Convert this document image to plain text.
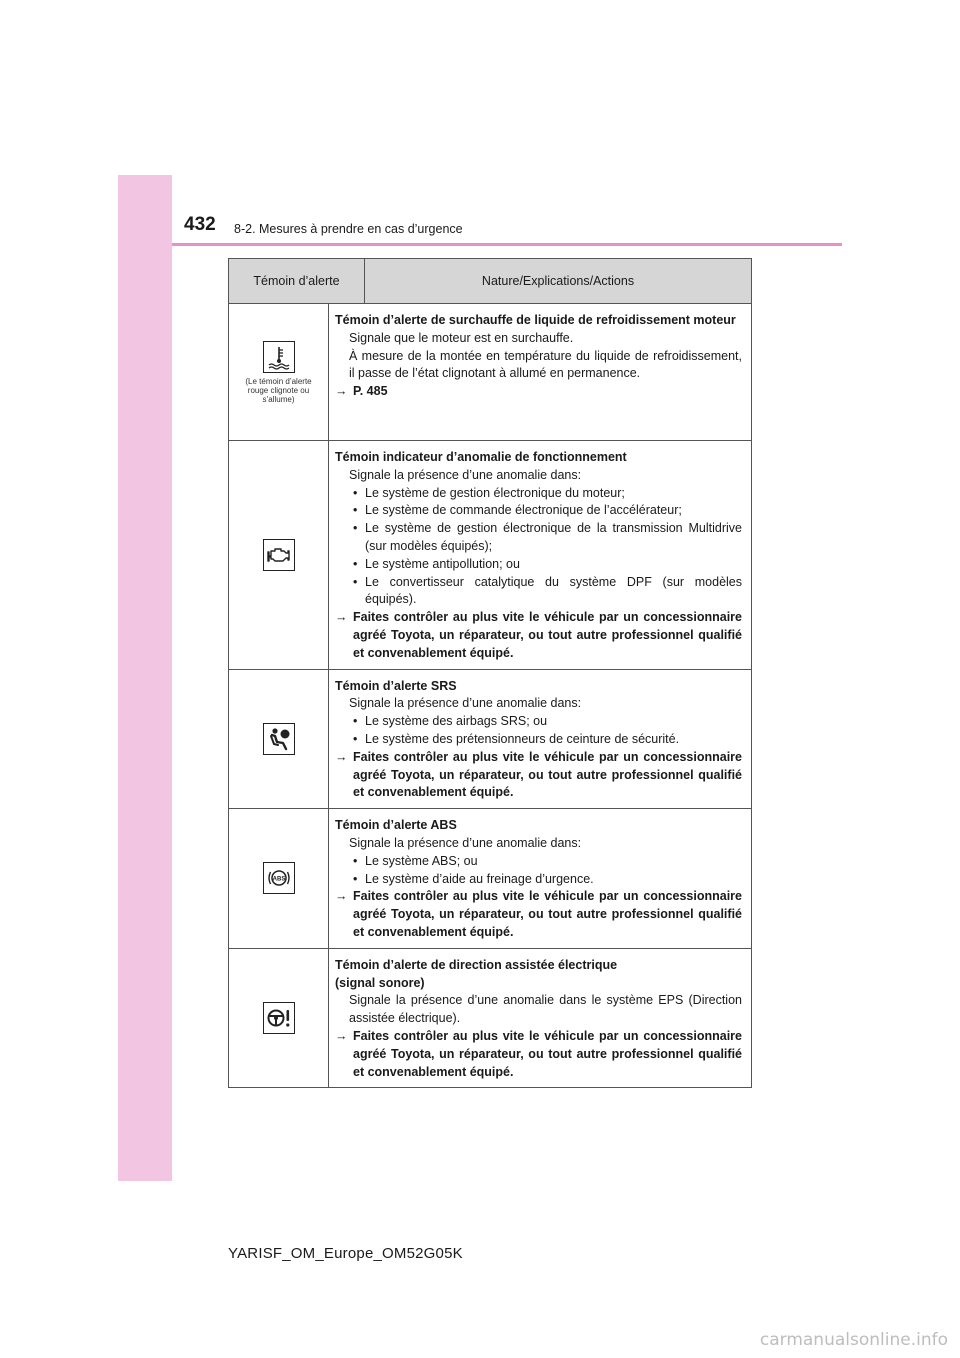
432 8-2. Mesures à prendre en cas d’urgence
Témoin d’alerte	Nature/Explications/Actions
(Le témoin d’alerte rouge clignote ou s’allume)
Témoin d’alerte de surchauffe de liquide de refroidissement moteur
Signale que le moteur est en surchauffe.
À mesure de la montée en température du liquide de refroidissement, il passe de l’état clignotant à allumé en permanence.
→ P. 485
Témoin indicateur d’anomalie de fonctionnement
Signale la présence d’une anomalie dans:
• Le système de gestion électronique du moteur;
• Le système de commande électronique de l’accélérateur;
• Le système de gestion électronique de la transmission Multidrive (sur modèles équipés);
• Le système antipollution; ou
• Le convertisseur catalytique du système DPF (sur modèles équipés).
→ Faites contrôler au plus vite le véhicule par un concessionnaire agréé Toyota, un réparateur, ou tout autre professionnel qualifié et convenablement équipé.
Témoin d’alerte SRS
Signale la présence d’une anomalie dans:
• Le système des airbags SRS; ou
• Le système des prétensionneurs de ceinture de sécurité.
→ Faites contrôler au plus vite le véhicule par un concessionnaire agréé Toyota, un réparateur, ou tout autre professionnel qualifié et convenablement équipé.
ABS
Témoin d’alerte ABS
Signale la présence d’une anomalie dans:
• Le système ABS; ou
• Le système d’aide au freinage d’urgence.
→ Faites contrôler au plus vite le véhicule par un concessionnaire agréé Toyota, un réparateur, ou tout autre professionnel qualifié et convenablement équipé.
Témoin d’alerte de direction assistée électrique
(signal sonore)
Signale la présence d’une anomalie dans le système EPS (Direction assistée électrique).
→ Faites contrôler au plus vite le véhicule par un concessionnaire agréé Toyota, un réparateur, ou tout autre professionnel qualifié et convenablement équipé.
YARISF_OM_Europe_OM52G05K
carmanualsonline.info
